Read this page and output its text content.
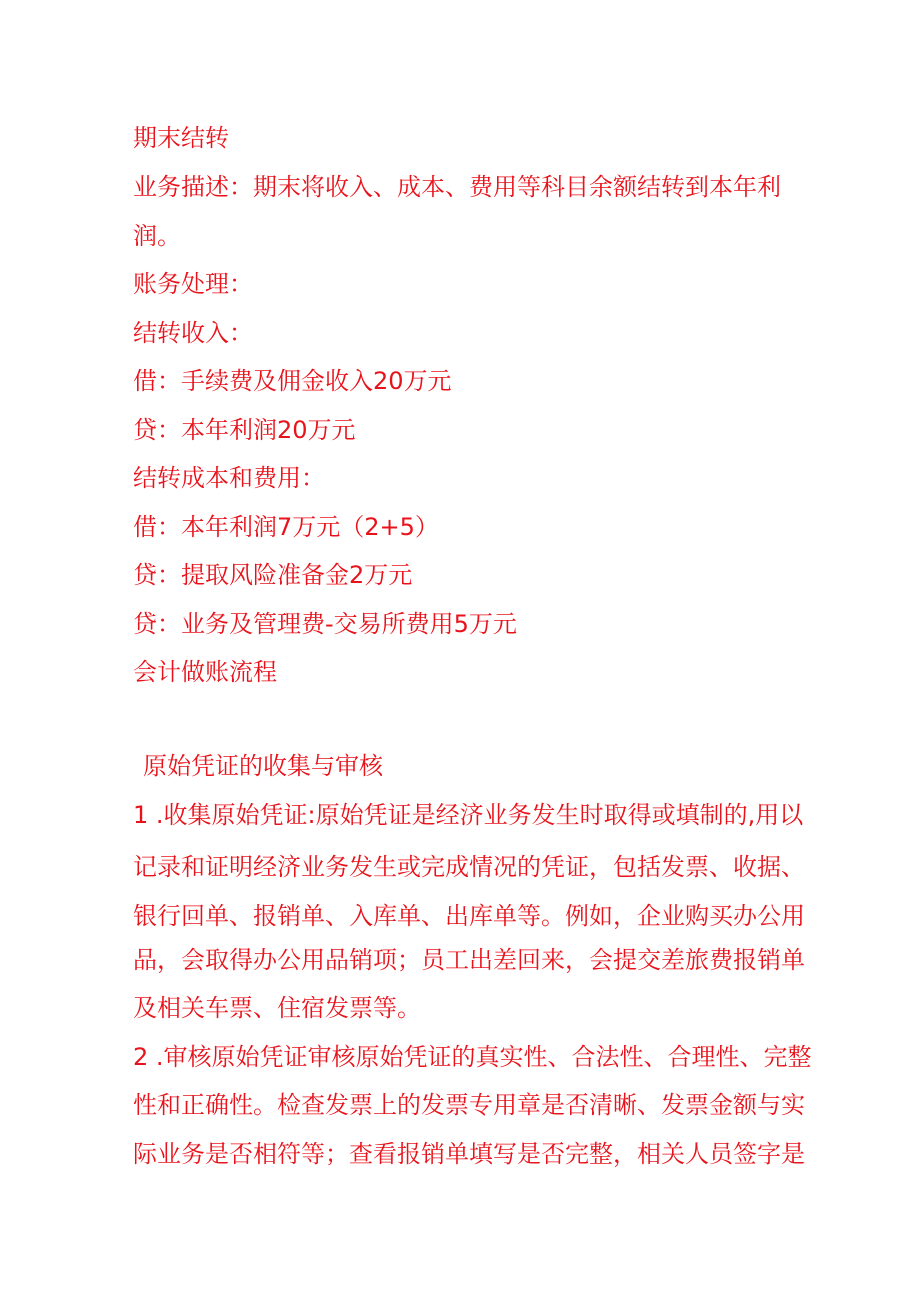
期末结转
业务描述：期末将收入、成本、费用等科目余额结转到本年利
润。
账务处理：
结转收入：
借：手续费及佣金收入20万元
贷：本年利润20万元
结转成本和费用：
借：本年利润7万元（2+5）
贷：提取风险准备金2万元
贷：业务及管理费-交易所费用5万元
会计做账流程
原始凭证的收集与审核
1 .收集原始凭证:原始凭证是经济业务发生时取得或填制的,用以
记录和证明经济业务发生或完成情况的凭证，包括发票、收据、
银行回单、报销单、入库单、出库单等。例如，企业购买办公用
品，会取得办公用品销项；员工出差回来，会提交差旅费报销单
及相关车票、住宿发票等。
2 .审核原始凭证审核原始凭证的真实性、合法性、合理性、完整
性和正确性。检查发票上的发票专用章是否清晰、发票金额与实
际业务是否相符等；查看报销单填写是否完整，相关人员签字是
